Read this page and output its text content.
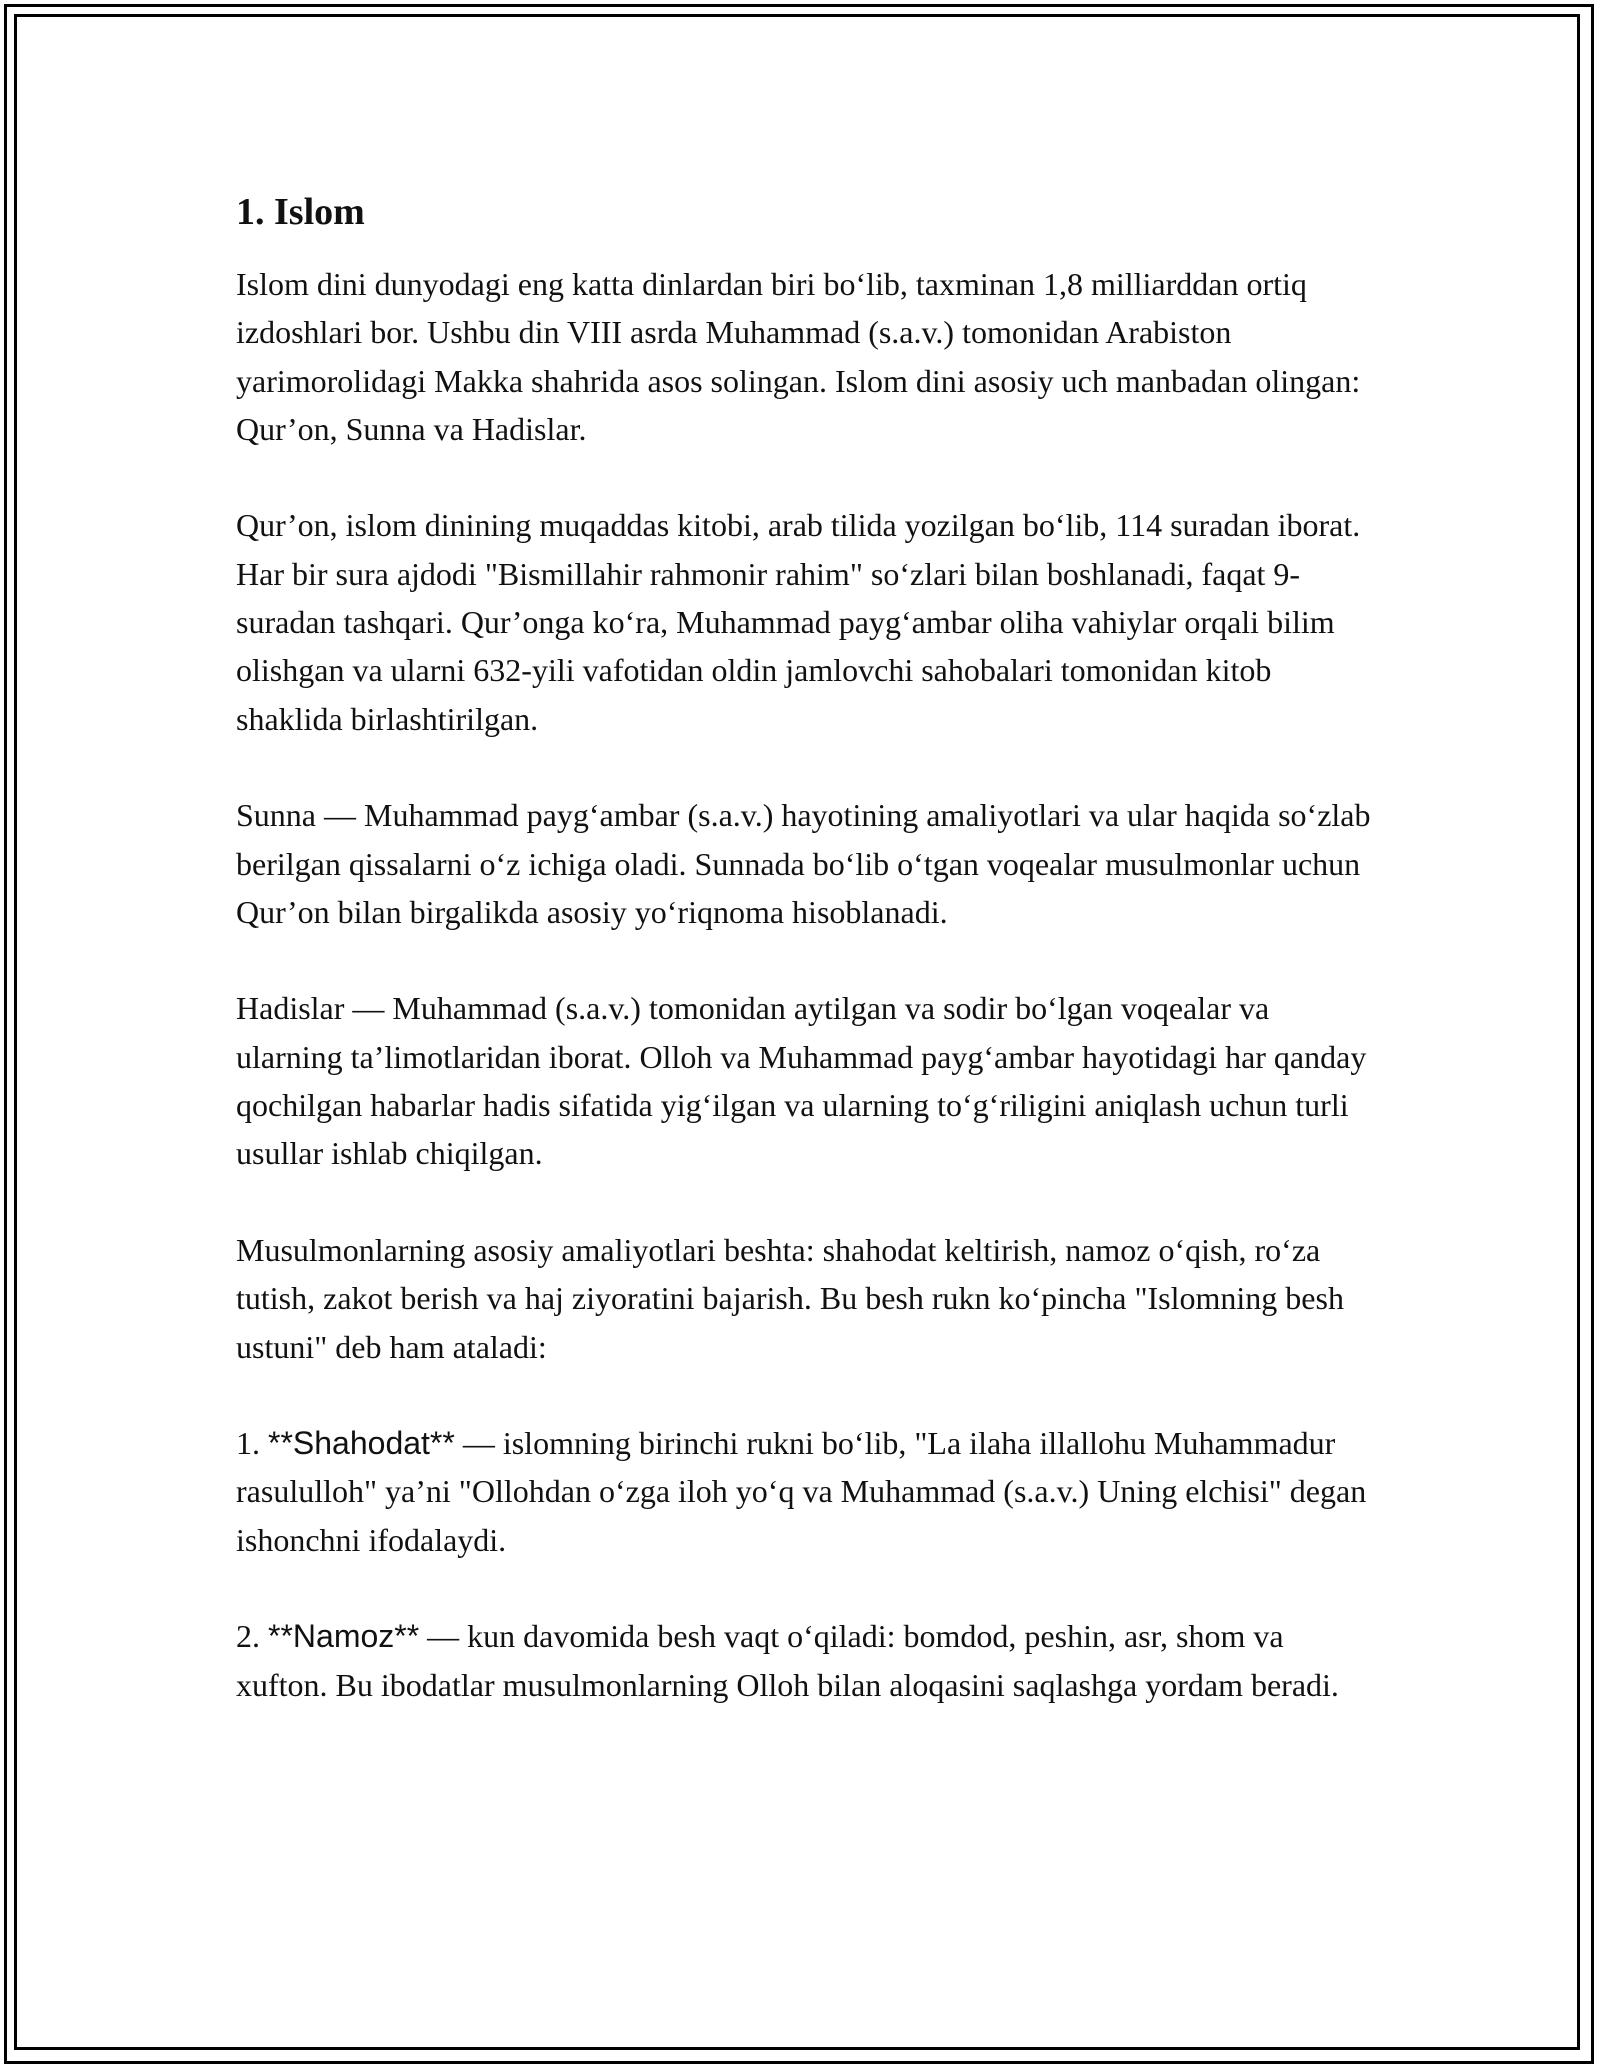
1. Islom

Islom dini dunyodagi eng katta dinlardan biri bo‘lib, taxminan 1,8 milliarddan ortiq izdoshlari bor. Ushbu din VIII asrda Muhammad (s.a.v.) tomonidan Arabiston yarimorolidagi Makka shahrida asos solingan. Islom dini asosiy uch manbadan olingan: Qur’on, Sunna va Hadislar.

Qur’on, islom dinining muqaddas kitobi, arab tilida yozilgan bo‘lib, 114 suradan iborat. Har bir sura ajdodi "Bismillahir rahmonir rahim" so‘zlari bilan boshlanadi, faqat 9-suradan tashqari. Qur’onga ko‘ra, Muhammad payg‘ambar oliha vahiylar orqali bilim olishgan va ularni 632-yili vafotidan oldin jamlovchi sahobalari tomonidan kitob shaklida birlashtirilgan.

Sunna — Muhammad payg‘ambar (s.a.v.) hayotining amaliyotlari va ular haqida so‘zlab berilgan qissalarni o‘z ichiga oladi. Sunnada bo‘lib o‘tgan voqealar musulmonlar uchun Qur’on bilan birgalikda asosiy yo‘riqnoma hisoblanadi.

Hadislar — Muhammad (s.a.v.) tomonidan aytilgan va sodir bo‘lgan voqealar va ularning ta’limotlaridan iborat. Olloh va Muhammad payg‘ambar hayotidagi har qanday qochilgan habarlar hadis sifatida yig‘ilgan va ularning to‘g‘riligini aniqlash uchun turli usullar ishlab chiqilgan.

Musulmonlarning asosiy amaliyotlari beshta: shahodat keltirish, namoz o‘qish, ro‘za tutish, zakot berish va haj ziyoratini bajarish. Bu besh rukn ko‘pincha "Islomning besh ustuni" deb ham ataladi:

1. **Shahodat** — islomning birinchi rukni bo‘lib, "La ilaha illallohu Muhammadur rasululloh" ya’ni "Ollohdan o‘zga iloh yo‘q va Muhammad (s.a.v.) Uning elchisi" degan ishonchni ifodalaydi.

2. **Namoz** — kun davomida besh vaqt o‘qiladi: bomdod, peshin, asr, shom va xufton. Bu ibodatlar musulmonlarning Olloh bilan aloqasini saqlashga yordam beradi.
